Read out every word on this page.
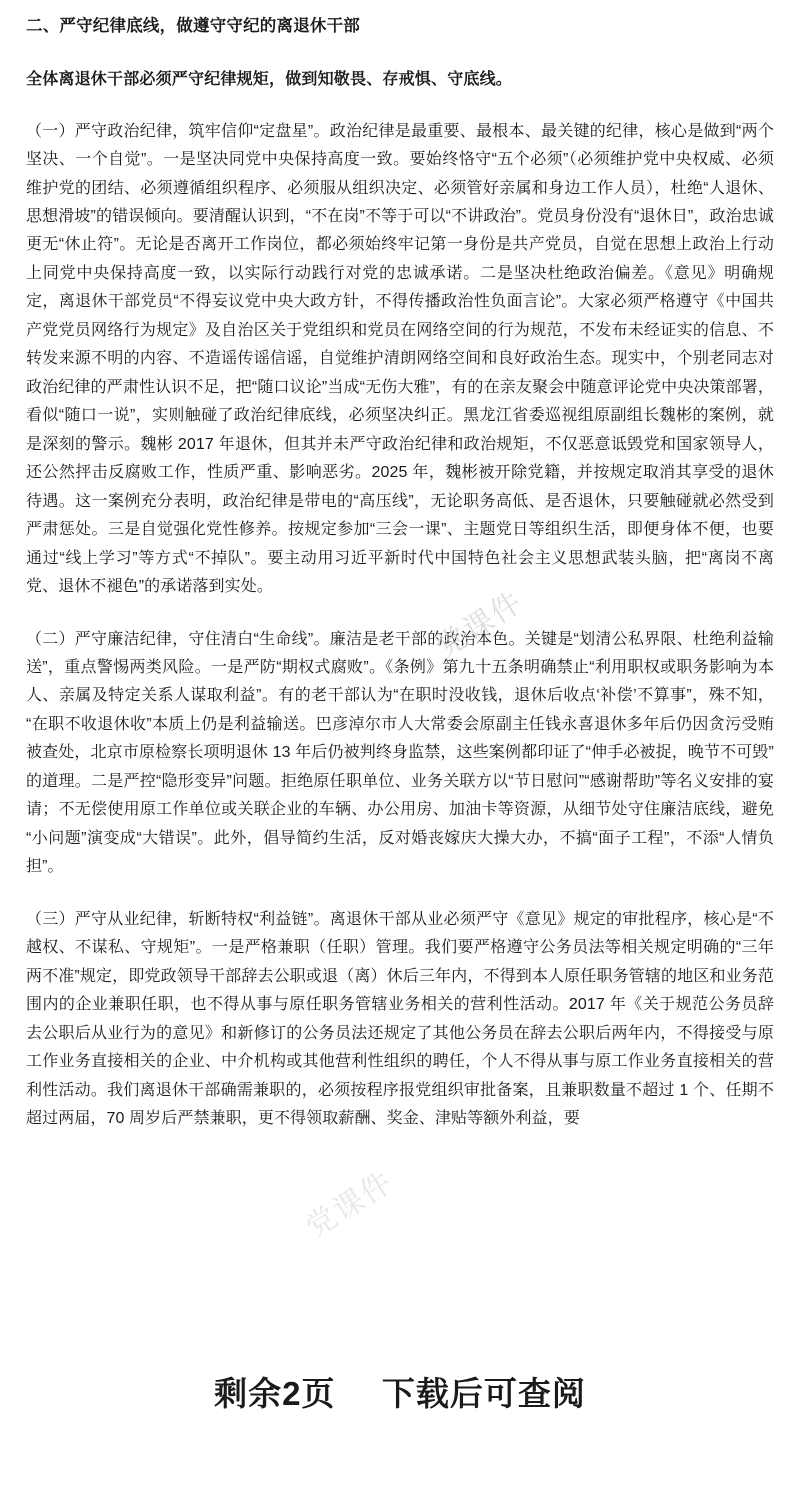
二、严守纪律底线，做遵守守纪的离退休干部

全体离退休干部必须严守纪律规矩，做到知敬畏、存戒惧、守底线。

（一）严守政治纪律，筑牢信仰“定盘星”。政治纪律是最重要、最根本、最关键的纪律，核心是做到“两个坚决、一个自觉”。一是坚决同党中央保持高度一致。要始终恪守“五个必须”（必须维护党中央权威、必须维护党的团结、必须遵循组织程序、必须服从组织决定、必须管好亲属和身边工作人员），杜绝“人退休、思想滑坡”的错误倾向。要清醒认识到，“不在岗”不等于可以“不讲政治”。党员身份没有“退休日”，政治忠诚更无“休止符”。无论是否离开工作岗位，都必须始终牢记第一身份是共产党员，自觉在思想上政治上行动上同党中央保持高度一致，以实际行动践行对党的忠诚承诺。二是坚决杜绝政治偏差。《意见》明确规定，离退休干部党员“不得妄议党中央大政方针，不得传播政治性负面言论”。大家必须严格遵守《中国共产党党员网络行为规定》及自治区关于党组织和党员在网络空间的行为规范，不发布未经证实的信息、不转发来源不明的内容、不造谣传谣信谣，自觉维护清朗网络空间和良好政治生态。现实中，个别老同志对政治纪律的严肃性认识不足，把“随口议论”当成“无伤大雅”，有的在亲友聚会中随意评论党中央决策部署，看似“随口一说”，实则触碰了政治纪律底线，必须坚决纠正。黑龙江省委巡视组原副组长魏彬的案例，就是深刻的警示。魏彬 2017 年退休，但其并未严守政治纪律和政治规矩，不仅恶意诋毁党和国家领导人，还公然抨击反腐败工作，性质严重、影响恶劣。2025 年，魏彬被开除党籍，并按规定取消其享受的退休待遇。这一案例充分表明，政治纪律是带电的“高压线”，无论职务高低、是否退休，只要触碰就必然受到严肃惩处。三是自觉强化党性修养。按规定参加“三会一课”、主题党日等组织生活，即便身体不便，也要通过“线上学习”等方式“不掉队”。要主动用习近平新时代中国特色社会主义思想武装头脑，把“离岗不离党、退休不褪色”的承诺落到实处。

（二）严守廉洁纪律，守住清白“生命线”。廉洁是老干部的政治本色。关键是“划清公私界限、杜绝利益输送”，重点警惕两类风险。一是严防“期权式腐败”。《条例》第九十五条明确禁止“利用职权或职务影响为本人、亲属及特定关系人谋取利益”。有的老干部认为“在职时没收钱，退休后收点‘补偿’不算事”，殊不知，“在职不收退休收”本质上仍是利益输送。巴彦淖尔市人大常委会原副主任钱永喜退休多年后仍因贪污受贿被查处，北京市原检察长项明退休 13 年后仍被判终身监禁，这些案例都印证了“伸手必被捉，晚节不可毁”的道理。二是严控“隐形变异”问题。拒绝原任职单位、业务关联方以“节日慰问”“感谢帮助”等名义安排的宴请；不无偿使用原工作单位或关联企业的车辆、办公用房、加油卡等资源，从细节处守住廉洁底线，避免“小问题”演变成“大错误”。此外，倡导简约生活，反对婚丧嫁庆大操大办，不搞“面子工程”，不添“人情负担”。

（三）严守从业纪律，斩断特权“利益链”。离退休干部从业必须严守《意见》规定的审批程序，核心是“不越权、不谋私、守规矩”。一是严格兼职（任职）管理。我们要严格遵守公务员法等相关规定明确的“三年两不准”规定，即党政领导干部辞去公职或退（离）休后三年内，不得到本人原任职务管辖的地区和业务范围内的企业兼职任职，也不得从事与原任职务管辖业务相关的营利性活动。2017 年《关于规范公务员辞去公职后从业行为的意见》和新修订的公务员法还规定了其他公务员在辞去公职后两年内，不得接受与原工作业务直接相关的企业、中介机构或其他营利性组织的聘任，个人不得从事与原工作业务直接相关的营利性活动。我们离退休干部确需兼职的，必须按程序报党组织审批备案，且兼职数量不超过 1 个、任期不超过两届，70 周岁后严禁兼职，更不得领取薪酬、奖金、津贴等额外利益，要

党课件
党课件
剩余2页 下载后可查阅
